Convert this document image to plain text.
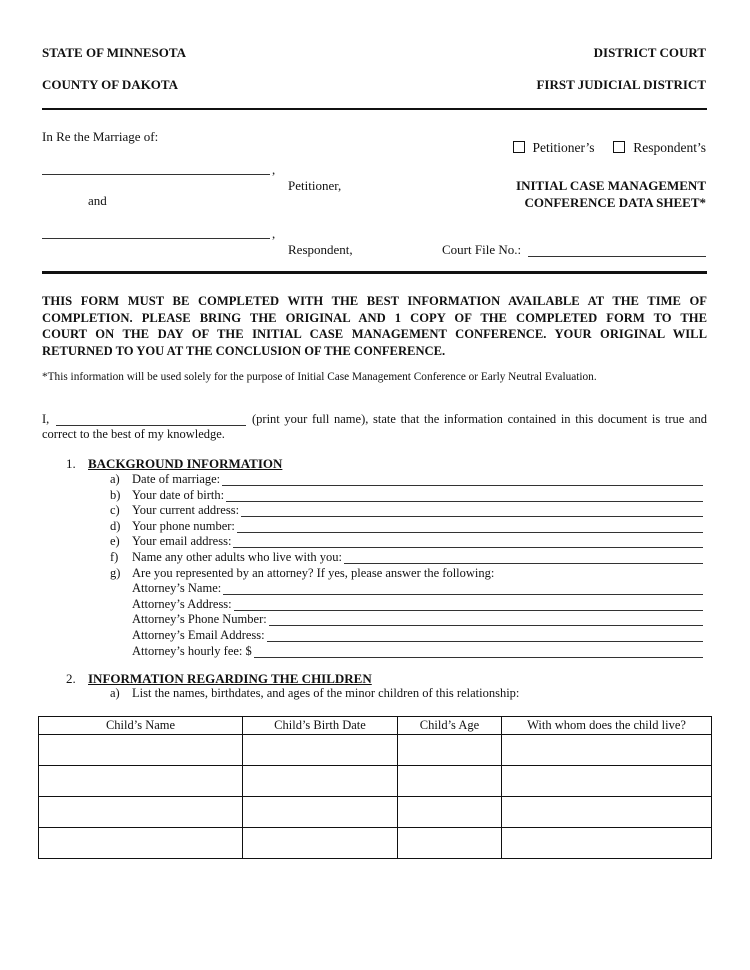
STATE OF MINNESOTA
COUNTY OF DAKOTA
DISTRICT COURT
FIRST JUDICIAL DISTRICT
In Re the Marriage of:
,
Petitioner,
and
,
Respondent,
Petitioner’s	Respondent’s
INITIAL CASE MANAGEMENT
CONFERENCE DATA SHEET*
Court File No.:
THIS FORM MUST BE COMPLETED WITH THE BEST INFORMATION AVAILABLE AT THE TIME OF
COMPLETION. PLEASE BRING THE ORIGINAL AND 1 COPY OF THE COMPLETED FORM TO THE
COURT ON THE DAY OF THE INITIAL CASE MANAGEMENT CONFERENCE. YOUR ORIGINAL WILL
RETURNED TO YOU AT THE CONCLUSION OF THE CONFERENCE.
*This information will be used solely for the purpose of Initial Case Management Conference or Early Neutral Evaluation.
I,	(print your full name), state that the information contained in this document is true and
correct to the best of my knowledge.
1. BACKGROUND INFORMATION
a) Date of marriage:
b) Your date of birth:
c) Your current address:
d) Your phone number:
e) Your email address:
f) Name any other adults who live with you:
g) Are you represented by an attorney? If yes, please answer the following:
Attorney’s Name:
Attorney’s Address:
Attorney’s Phone Number:
Attorney’s Email Address:
Attorney’s hourly fee: $
2. INFORMATION REGARDING THE CHILDREN
a) List the names, birthdates, and ages of the minor children of this relationship:
Child’s Name	Child’s Birth Date	Child’s Age	With whom does the child live?
